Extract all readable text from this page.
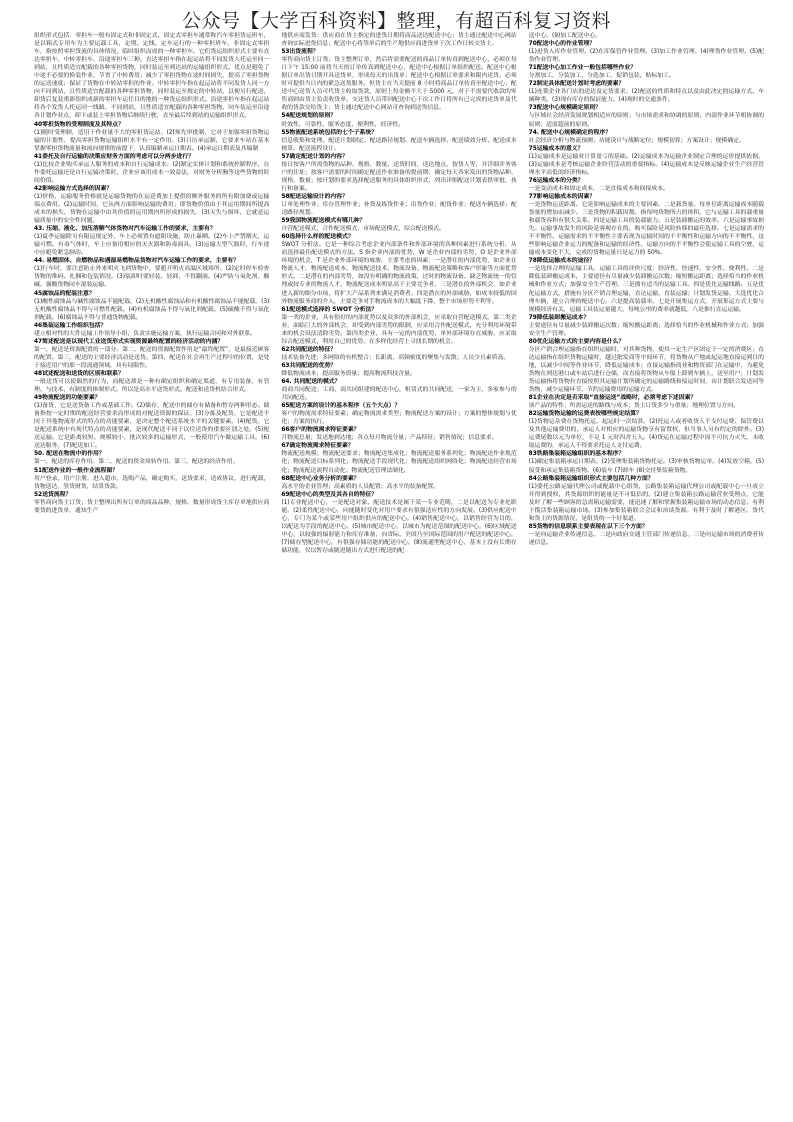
公众号【大学百科资料】整理，有超百科复习资料

组织形式包括：零担车一般有固定式和非固定式。固定式零担车通常称汽车零担货运班车，是以箱式专用车为主要运载工具，定期、定线、定车运行的一种零担班车。非固定式零担车，指按照零担货流的具体情况，临时组织而成的一种零担车。它们货运组织形式主要有直达零担车、中转零担车、沿途零担车三种。直达零担车指在起运站将不同发货人托运至同一到站，且性质适宜配载的各种零担货物，同时装运至到达站的运输组织形式。优点是避免了中途不必要的换装作业，节省了中转费用；减少了零担货物在途时间损失，提高了零担货物的运送速度；保证了货物在中转站零担的作业。中转零担车指在起运站将不同发货人同一方向不同到站，且性质适宜配载的各种零担货物，同时装运至规定的中转站，以便另行配送，卸货后复装重新组织成新的零担车运往目的地的一种货运组织形式。沿途零担车指在起运站将各个发货人托运同一线路、不同到站，且性质适宜配载的各种零担货物，同车装运至沿途各计划作业点，卸下或装上零担货物后继续行驶，直至最后终到站的运输组织形式。

40零担货物的受理制度及其特点？
(1)随时受理制，适用于作业量不大的零担货运站。(2)预先审批制，它对于加强零担货物运输的计划性，提高零担货物运输组织水平有一定作用。(3)日历承运制，它要求车站在基本掌握零担货物流量和流向规律的前提下，认真编制承运日期表。(4)承运日期表及其编制

41委托及自行运输的决策应财务方面的考虑可以分两步进行？
(1)比较企业购买承运人服务的成本和自行运输成本；(2)制定实体计划和系统控制程序，在作委托运输还是自行运输决策时，企业应该用成本一效益法，对财务分析胸等这些货物的时间价值。

42影响运输方式选择的因素？
(1)价格，运输服务价格就是运输货物的在运送费加上提供的额外服务的所有附加费或运输端点费用。(2)运输时间，它从两方面影响运输的费用；即货物价值由于其运用期间所提高成本的损失，货物在运输中由其价值的运用期内所形成的损失。(3)灭失与损坏，它就是运输质量中的安全性问题。

43. 压缩、液化、加压溶解气体货物对汽车运输工作的要求，主要有？
(1)夏季运输除另有限运规定外，车上必须置有遮阳设施，防止暴晒。(2)车上严禁烟火，运输可燃、有毒气体时，车上应备用相应的灭火器和防毒面具。(3)运输大型气瓶时，行车途中应避免紧急制动。

44. 易燃固体、自燃物品和遇湿易燃物品货物对汽车运输工作的要求，主要有？
(1)行车时，要注意防止外来明火飞到货物中，要避开明火高温区域场所。(2)定时停车检查货物的堆码、扎捆和包装情况。(3)装卸时要轻装、轻卸、不得翻滚。(4)严防与氧化剂、酸碱、强酸货物同车混装运输。

45腐蚀品的配装注意？
(1)酸性腐蚀品与碱性腐蚀品不能配载。(2)无机酸性腐蚀品和有机酸性腐蚀品不能配载。(3)无机酸性腐蚀品不得与可燃性配载。(4)有机腐蚀品不得与氧化剂配载。(5)硫酸不得与氧化剂配载。(6)腐蚀品不得与普通货物配载。

46集装运输工作组织包括？
建立相对性的大件运输工作领导小组，负责实施运输方案，执行运输合同和对外联系。

47简述配送是以现代工业送货形式实现资源最终配置的经济活动的内涵？
第一，配送是资源配置的一部分。第二，配送的资源配置作用是“最终配置”，是最接近顾客的配置。第三，配送的主要经济活动是送货。第四，配送在社会再生产过程中的位置，是处于接近用户的那一段流通领域，具有局限性。

48试述配送和送货的区别和联系？
一般送货可以使偶然的行为，而配送却是一种有确定组织和确定渠道，有专用装备、有管理、与技术、有制度的体制形式。所以是高水平送货形式。配送和送货机结合形式。

49物流配送的功能要素？
(1)备货，它是送货备工作或基础工作。(2)储存，配送中的储存有储备和暂存两种形态。储备指按一定时期的配送经营要求而形成的对配送资源的保证。(3)分拣及配货。它是配送不同于其他物流形式的特点的功能要素，是决定整个配送系统水平的关键要素。(4)配货。它是配送系统中有现代特点的功能要素，是现代配送不同于以往送货的重要区别之处。(5)配送运输。它是距离较短、规模较小、批次较多的运输形式，一般使用汽车做运输工具。(6)送达服务。(7)配送加工。

50. 配送在物流中的作用？
第一，配送的库存作用。第二，配送的资金周转作用。第三，配送的经济作用。

51配送作业的一般作业流程图？
用户登录，用户注册，进入超市，选购产品，确定购买，送货要求，送成协议，进行配载，货物送达，签货财货，结算货款。

52送货流程？
零售商向货主订货；货主整理出所有订单的商品品种、规格、数量形成货主库存单地供应商要货的进货单，通知生产

地供应商发货；供应商在货主指定的进货日期将商品送达配送中心；货主通过配送中心网站查询实际进货信息；配送中心将签单后的生产地供应商进货单于次工作日转交货主。

53出货流程？
零售商向货主订货；货主整理订单，然后将需要配送的商品订单传真到配送中心，必须在每日下午 15:00 前将当天的订单传真到配送中心，配送中心根据订单组织配送。配送中心根据订单出货日期开具送货单，形成每天的出货单；配送中心根据订单要求和限内送货，必须时可提供当日内的紧急送货服务。但货主在当天提前 8 小时将商品订单传真至配送中心；配送中心送货人员可代货主收取货款，原则上每金额不大于 5000 元，对于不需要代收款的零售商则由货主负责收货单。交还货人员带回配送中心于次工作日将所有已完成的送货单及代收的货款交给货主；货主通过配送中心网站可查询到送货信息。

54配送规划的原则？
时效性，可靠性，服务态度，便利性，经济性。

55物流配送系统包括的七个子系统？
信息收集和处理、配送计划制定、配送路径规划、配送车辆选择、配送绩效分析、配送成本核算、配送流程设计。

57确定配送计划的内容？
按日按客户所需货物的品种、规格、数量、送货时间、送达地点、按货人等，并详细并务客户的住址；按客户需要的时间确定配送作业准备的提前期；确定每天各家发出的货物品种、规格、数量；按计划的要求选择配送服务的具体组织形式；列出详细配送计划表供审批，执行和备案。

58配送运输设计的内容？
订单处理作业；库存管理作业；补货及拣货作业；出货作业；配货作业；配送车辆选择；配送路径规划。

59我国物流配送模式有哪几种？
自营配送模式，合作配送模式，市场配送模式，综合配送模式。

60选择什么样的配送模式？
SWOT 分析法。它是一种综合考虑企业内部条件和外部环境的各种因素进行系统分析，从而选择最佳配送模式的方法。S 指企业内部的优势，W 是企业内部的劣势，O 是企业外部环境的机会，T 是企业外部环境的威胁。主要考虑的因素：一是潜在的内部优势，如企业在物流人才、物流配送成本、物流配送技术、物流设备、物流配送策略和客户形象等方面优势形式。二是潜在的内部劣势，如没有明确的物流政策、过时的物流设备、缺乏物流统一的管理或较专业的物流人才、物流配送成本明显高于主要竞争者。三是潜在的外部机会，如企业进入新的细分市场，将扩大产品系列来满足消费者。四是潜在的外部威胁，如成本较低的国外物流服务商的介入，主要竞争对手物流成本的大幅度下降，整个市场形势不利等。

61配送模式选择的 SWOT 分析法？
第一类的企业，具有很好的内部优势以及众多的外部机会，应采取自营配送模式。第二类企业，面临巨大的外部机会，却受到内部劣势的限制，应采用合作配送模式，充分利用环境带来的机会设法清除劣势。第四类企业，具有一定的内部优势，单外部环境存在威胁，应采取综合配送模式，利用自己的优势，在多样化经营上寻找长期的机会。

62共同配送的特征？
技术装备先进；多网络的有机整合；长距离、高频密度的聚集与发散；人员少且素质高。

63共同配送的优势？
降低物流成本；提高服务质量；提高物流科技含量。

64. 共同配送的模式？
商商共同配送；工商、商共同组建的配送中心，租赁式的共同配送，一家为主，多家参与的共同配送。

65配送方案的设计的基本程序（五个大点）？
客户的物流需求特征要素；确定物流需求类型；物流配送方案的设计；方案的整体规划与优化；方案的执行。

66客户的物流需求特征要素？
月物流总量；发送地到达地；各点每月物流分量；产品特征；销售情况；信息要求。

67确定物流需求特征要素？
物流配送规模；物流配送要求；物流配送集成化；物流配送服务系列化；物流配送作业规范化；物流配送目标系列化；物流配送手段现代化；物流配送组织网络化；物流配送经营市场化；物流配送流程自动化；物流配送管理法制化。

68配送中心业务分析的要素？
高水平的企业管理；高素质的人员配置；高水平的装备配置。

69配送中心的类型及其各自的特征？
(1)专业配送中心，一是配送对象、配送技术是属于某一专业范畴，二是以配送为专业化职能。(2)柔性配送中心，向能随时变化对用户要求有很强适应性的方向发展。(3)供应配送中心，专门为某个或某些用户组织供应的配送中心。(4)销售配送中心，以销售经营为目的，以配送为手段的配送中心。(5)城市配送中心，以城市为配送范围的配送中心。(6)区域配送中心，以较强的辐射能力和库存准备，向省际、全国乃至国际范围的用户配送的配送中心。(7)储存型配送中心，有很强存储功能的配送中心。(8)流通型配送中心，基本上没有长期存储功能，仅以暂存或随进随出方式进行配送的配

送中心。(9)加工配送中心。

70配送中心的作业管理？
(1)进货入库作业管理。(2)在库保管作业管理。(3)加工作业管理。(4)理货作业管理。(5)配货作业管理。

71配送中心加工作业一般包括哪些作业？
分割加工，分装加工，分选加工，促销包装，贴标加工。

72制定具体配送计划时考虑的要素？
(1)连锁企业各门店的送达及定货要求。(2)配送的性质和特点以及由此决定的运输方式、车辆种类。(3)现有库存的保证能力。(4)现时的交通条件。

73配送中心规模确定原则？
与区域社会经济发展规划相适应的原则；与市场需求和协调的原则；内部作业环节相协调的原则；适度超前的原则。

74. 配送中心规模确定的程序？
社会经济分析与物流预测；功能设计与战略定位；规模初算；方案设计；规模确定。

75运输成本的意义？
(1)运输成本是运输业计算盈亏的基础。(2)运输成本为运输企业制定合理的运价提供依据。(3)运输成本是考核运输企业经营活动的重要指标。(4)运输成本是反映运输企业生产经营管理水平高低的经济指标。

76运输成本的分类？
一是变动成本和固定成本，二是直接成本和间接成本。

77影响运输成本的因素？
一是货物运送距离。它是影响运输成本的主要因素。二是载货量。每单位距离运输成本随载货量的增加而减少。三是货物的积载因数。指每吨货物所占的体积，它与运输工具的载重量和载货容积有很大关系。四是运输工具的装载能力。五是装卸搬运的效率。六是运输事故损失。运输事故发生的风险是客观存在的，购买保险是风险转移的最佳选择。七是运输需求的不平衡性。运输需求的不平衡性主要表现为运输时间的不平衡性和运输方向的不平衡性，这些影响运输企业运力的配备和运输的经济性。运输方向的不平衡性会使运输工具的空驶，运输成本变化不大，完成的货物运量只是运力的 50%。

78降低运输成本的途径？
一是选择合理的运输工具。运输工具的评价尺度：经济性、快速性、安全性、便利性。二是降低装卸搬运成本，主要途径有尽量减少装卸搬运次数；缩短搬运距离；选择恰当的作业机械和作业方式；加强安全生产管理。三是拥有适当的运输工具。四是优化运输线路。五是优化运输方式，措施有分区产销合理运输，直达运输，直装运输；计划发货运输、大选优化合理车辆，建立合理的配送中心。六是提高装载率。七是开展集运方式，开展集运方式主要与规模经济有关，运输工具装运量越大，每吨公里的费率就越低。八是推行直运运输。

79降低装卸搬运成本？
主要途径有尽量减少装卸搬运次数；缩短搬运距离；选择恰当的作业机械和作业方式；加强安全生产管理。

80优化运输方式的主要内容是什么？
分区产销合理运输指在组织运输时，对其种货物，使其一定生产区固定于一定的消费区；直达运输指在组织货物运输时，越过批发商等中间环节，将货物从产地或起运地直接运到目的地，以减少中间等作业环节，降低运输成本；直接运输指商业和物资部门在运输中，为避免货物在到达港口或车站后进行仓储，而直接将货物从车船上卸到车辆上，送至用户；计划发货运输指将货物拉直接按照其运输计划所确定的运输路线和接运时间，由计划联合发送同等货物，减少运输环节、节约运输费用的运输方式。

81企业在决定是否采取“直接运送”战略时，必须考虑下述因素？
该产品的特性；所需运送的路线与成本；货主订货多少与重量；地理位置与方向。

82运输货物运输的运费表按哪些规定结算？
(1)货物运杂费在货物托运、起运时一次结算。(2)托运人或者收货人不支付运费、保管费以及其他运输费用的，承运人对相应的运输货物享有留置权，但当事人另有约定的除外。(3)运费尾数以元为单位，不足 1 元时四舍五入。(4)货运在运输过程中因不可抗力灭失，未收取运费的，承运人不得要求托运人支付运费。

83铁路集装箱运输组织的基本程序？
(1)确定集装箱承运日期表。(2)受理集装箱货物托运。(3)审核货物运单。(4)发放空箱。(5)接受和承运集装箱货物。(6)装车 (7)卸车 (8)交付集装箱货物。

84公路集装箱运输组织形式主要包括几种方面？
(1)委托公路运输代理公司或配载中心组货，公路集装箱运输代理公司或配载中心一旦成立并得到授权，其货源组织的能量是不可低估的。(2)建立集装箱公路运输营业受理点，它能及时了解一些顾客的急需箱运输需要，能迅速了解和掌握集装箱运输市场的动态信息；有利于揽活集装箱运输市场。(3)参加集装箱联合会议和治谈货源。有利于及时了解港区、货代和货主的货源情况，是组货的一个好渠道。

85货物的信息联系主要表现在以下三个方面？
一是向运输企业传递信息。二是向政府交通主管部门传递信息。三是向运输市场的消费者传递信息。
